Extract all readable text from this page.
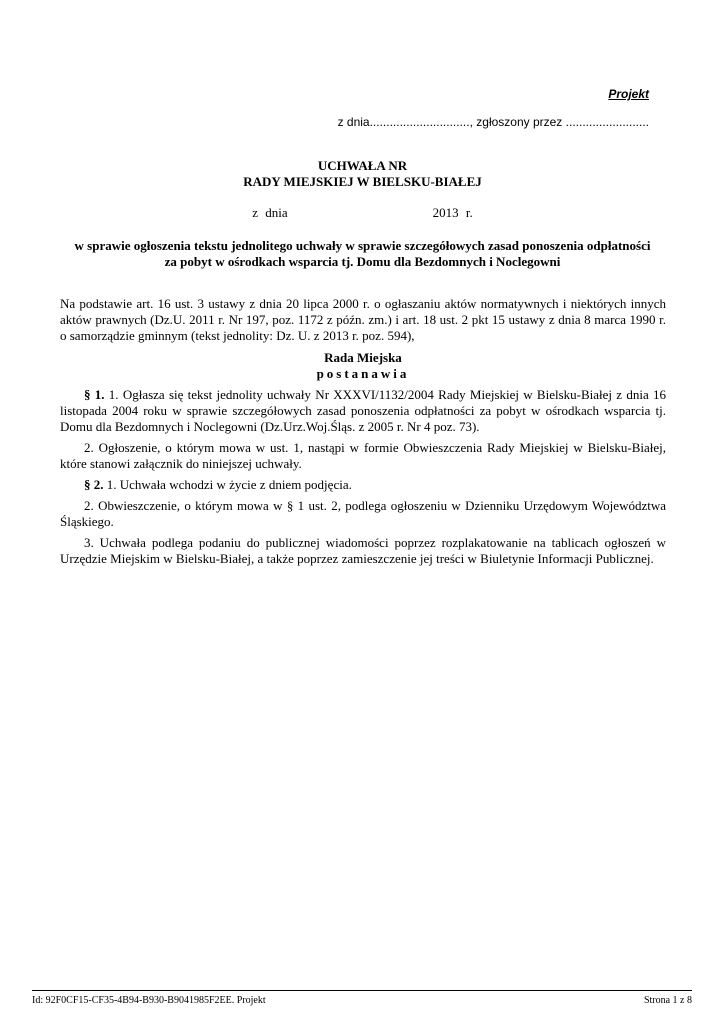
Projekt
z dnia.............................., zgłoszony przez .........................
UCHWAŁA NR
RADY MIEJSKIEJ W BIELSKU-BIAŁEJ
z dnia                    2013 r.
w sprawie ogłoszenia tekstu jednolitego uchwały w sprawie szczegółowych zasad ponoszenia odpłatności
za pobyt w ośrodkach wsparcia tj. Domu dla Bezdomnych i Noclegowni

Na podstawie art. 16 ust. 3 ustawy z dnia 20 lipca 2000 r. o ogłaszaniu aktów normatywnych i niektórych innych aktów prawnych (Dz.U. 2011 r. Nr 197, poz. 1172 z późn. zm.) i art. 18 ust. 2 pkt 15 ustawy z dnia 8 marca 1990 r. o samorządzie gminnym (tekst jednolity: Dz. U. z 2013 r. poz. 594),

Rada Miejska
postanawia

§ 1. 1. Ogłasza się tekst jednolity uchwały Nr XXXVI/1132/2004 Rady Miejskiej w Bielsku-Białej z dnia 16 listopada 2004 roku w sprawie szczegółowych zasad ponoszenia odpłatności za pobyt w ośrodkach wsparcia tj. Domu dla Bezdomnych i Noclegowni (Dz.Urz.Woj.Śląs. z 2005 r. Nr 4 poz. 73).

2. Ogłoszenie, o którym mowa w ust. 1, nastąpi w formie Obwieszczenia Rady Miejskiej w Bielsku-Białej, które stanowi załącznik do niniejszej uchwały.

§ 2. 1. Uchwała wchodzi w życie z dniem podjęcia.

2. Obwieszczenie, o którym mowa w § 1 ust. 2, podlega ogłoszeniu w Dzienniku Urzędowym Województwa Śląskiego.

3. Uchwała podlega podaniu do publicznej wiadomości poprzez rozplakatowanie na tablicach ogłoszeń w Urzędzie Miejskim w Bielsku-Białej, a także poprzez zamieszczenie jej treści w Biuletynie Informacji Publicznej.

Id: 92F0CF15-CF35-4B94-B930-B9041985F2EE. Projekt	Strona 1 z 8
